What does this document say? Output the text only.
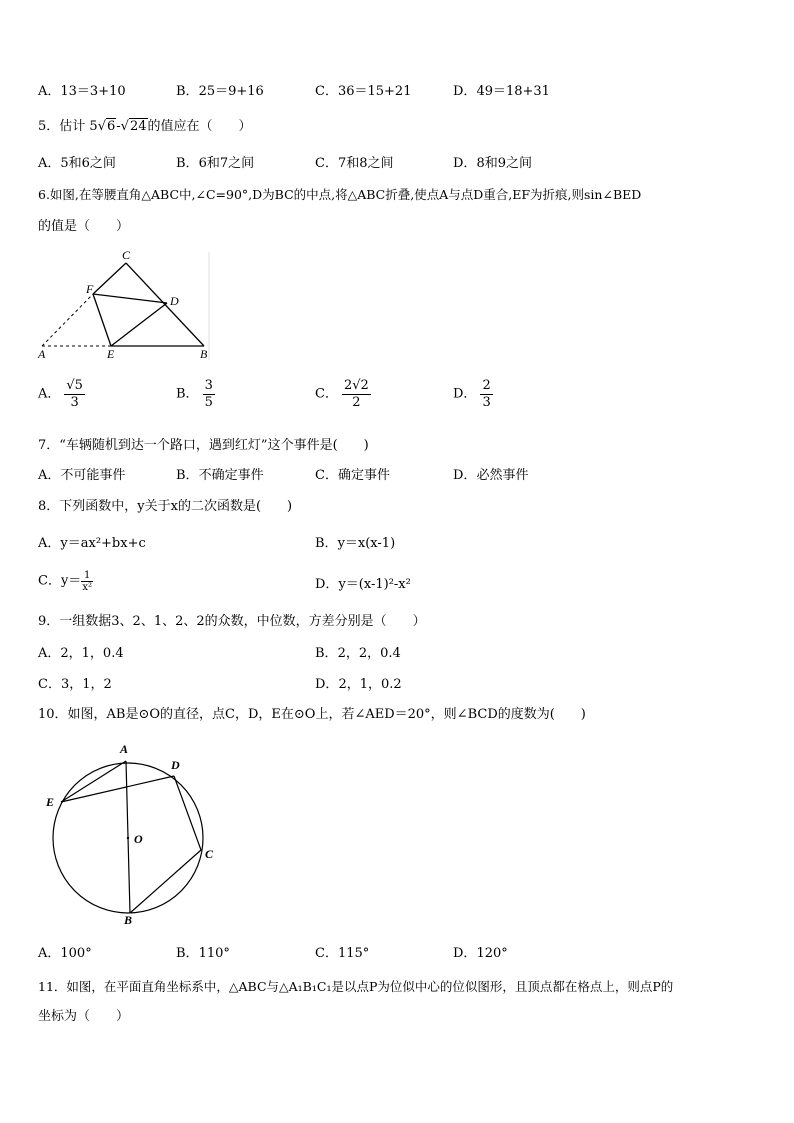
A．13＝3+10	B．25＝9+16	C．36＝15+21	D．49＝18+31
5．估计 5√6-√24的值应在（　　）
A．5和6之间	B．6和7之间	C．7和8之间	D．8和9之间
6.如图,在等腰直角△ABC中,∠C=90°,D为BC的中点,将△ABC折叠,使点A与点D重合,EF为折痕,则sin∠BED
的值是（　　）
C
F
D
A	E	B
A． $\frac{√5}{3}$	B． $\frac{3}{5}$	C． $\frac{2√2}{2}$	D． $\frac{2}{3}$
7．“车辆随机到达一个路口，遇到红灯”这个事件是(　　)
A．不可能事件	B．不确定事件	C．确定事件	D．必然事件
8．下列函数中，y关于x的二次函数是(　　)
A．y＝ax²+bx+c	B．y＝x(x-1)
C．$y= \frac{1}{\text{x²}}$	D．y＝(x-1)²-x²
9．一组数据3、2、1、2、2的众数，中位数，方差分别是（　　）
A．2，1，0.4	B．2，2，0.4
C．3，1，2	D．2，1，0.2
10．如图，AB是⊙O的直径，点C，D，E在⊙O上，若∠AED＝20°，则∠BCD的度数为(　　)
A
D
E
O
C
B
A．100°	B．110°	C．115°	D．120°
11．如图，在平面直角坐标系中，△ABC与△A₁B₁C₁是以点P为位似中心的位似图形，且顶点都在格点上，则点P的
坐标为（　　）
